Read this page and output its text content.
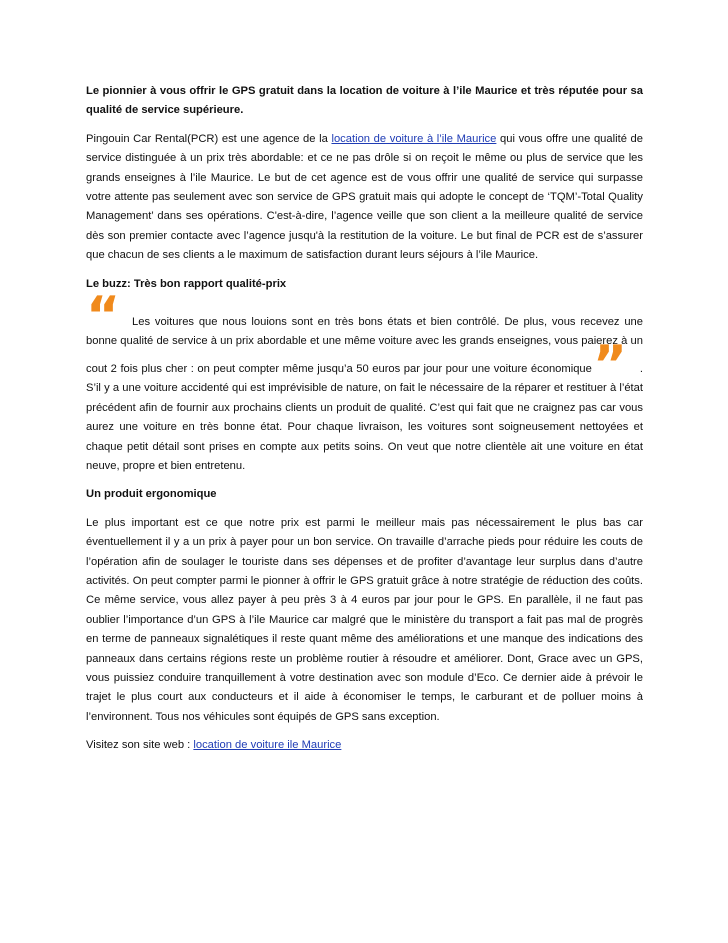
Le pionnier à vous offrir le GPS gratuit dans la location de voiture à l’ile Maurice et très réputée pour sa qualité de service supérieure.

Pingouin Car Rental(PCR) est une agence de la location de voiture à l’ile Maurice qui vous offre une qualité de service distinguée à un prix très abordable: et ce ne pas drôle si on reçoit le même ou plus de service que les grands enseignes à l’ile Maurice. Le but de cet agence est de vous offrir une qualité de service qui surpasse votre attente pas seulement avec son service de GPS gratuit mais qui adopte le concept de ‘TQM’-Total Quality Management’ dans ses opérations. C'est-à-dire, l’agence veille que son client a la meilleure qualité de service dès son premier contacte avec l’agence jusqu'à la restitution de la voiture. Le but final de PCR est de s’assurer que chacun de ses clients a le maximum de satisfaction durant leurs séjours à l’ile Maurice.

Le buzz: Très bon rapport qualité-prix

“ Les voitures que nous louions sont en très bons états et bien contrôlé. De plus, vous recevez une bonne qualité de service à un prix abordable et une même voiture avec les grands enseignes, vous paierez à un cout 2 fois plus cher : on peut compter même jusqu’a 50 euros par jour pour une voiture économique” . S’il y a une voiture accidenté qui est imprévisible de nature, on fait le nécessaire de la réparer et restituer à l’état précédent afin de fournir aux prochains clients un produit de qualité. C’est qui fait que ne craignez pas car vous aurez une voiture en très bonne état. Pour chaque livraison, les voitures sont soigneusement nettoyées et chaque petit détail sont prises en compte aux petits soins. On veut que notre clientèle ait une voiture en état neuve, propre et bien entretenu.

Un produit ergonomique

Le plus important est ce que notre prix est parmi le meilleur mais pas nécessairement le plus bas car éventuellement il y a un prix à payer pour un bon service. On travaille d’arrache pieds pour réduire les couts de l’opération afin de soulager le touriste dans ses dépenses et de profiter d’avantage leur surplus dans d’autre activités. On peut compter parmi le pionner à offrir le GPS gratuit grâce à notre stratégie de réduction des coûts. Ce même service, vous allez payer à peu près 3 à 4 euros par jour pour le GPS. En parallèle, il ne faut pas oublier l’importance d’un GPS à l’ile Maurice car malgré que le ministère du transport a fait pas mal de progrès en terme de panneaux signalétiques il reste quant même des améliorations et une manque des indications des panneaux dans certains régions reste un problème routier à résoudre et améliorer. Dont, Grace avec un GPS, vous puissiez conduire tranquillement à votre destination avec son module d’Eco. Ce dernier aide à prévoir le trajet le plus court aux conducteurs et il aide à économiser le temps, le carburant et de polluer moins à l’environnent. Tous nos véhicules sont équipés de GPS sans exception.

Visitez son site web : location de voiture ile Maurice
